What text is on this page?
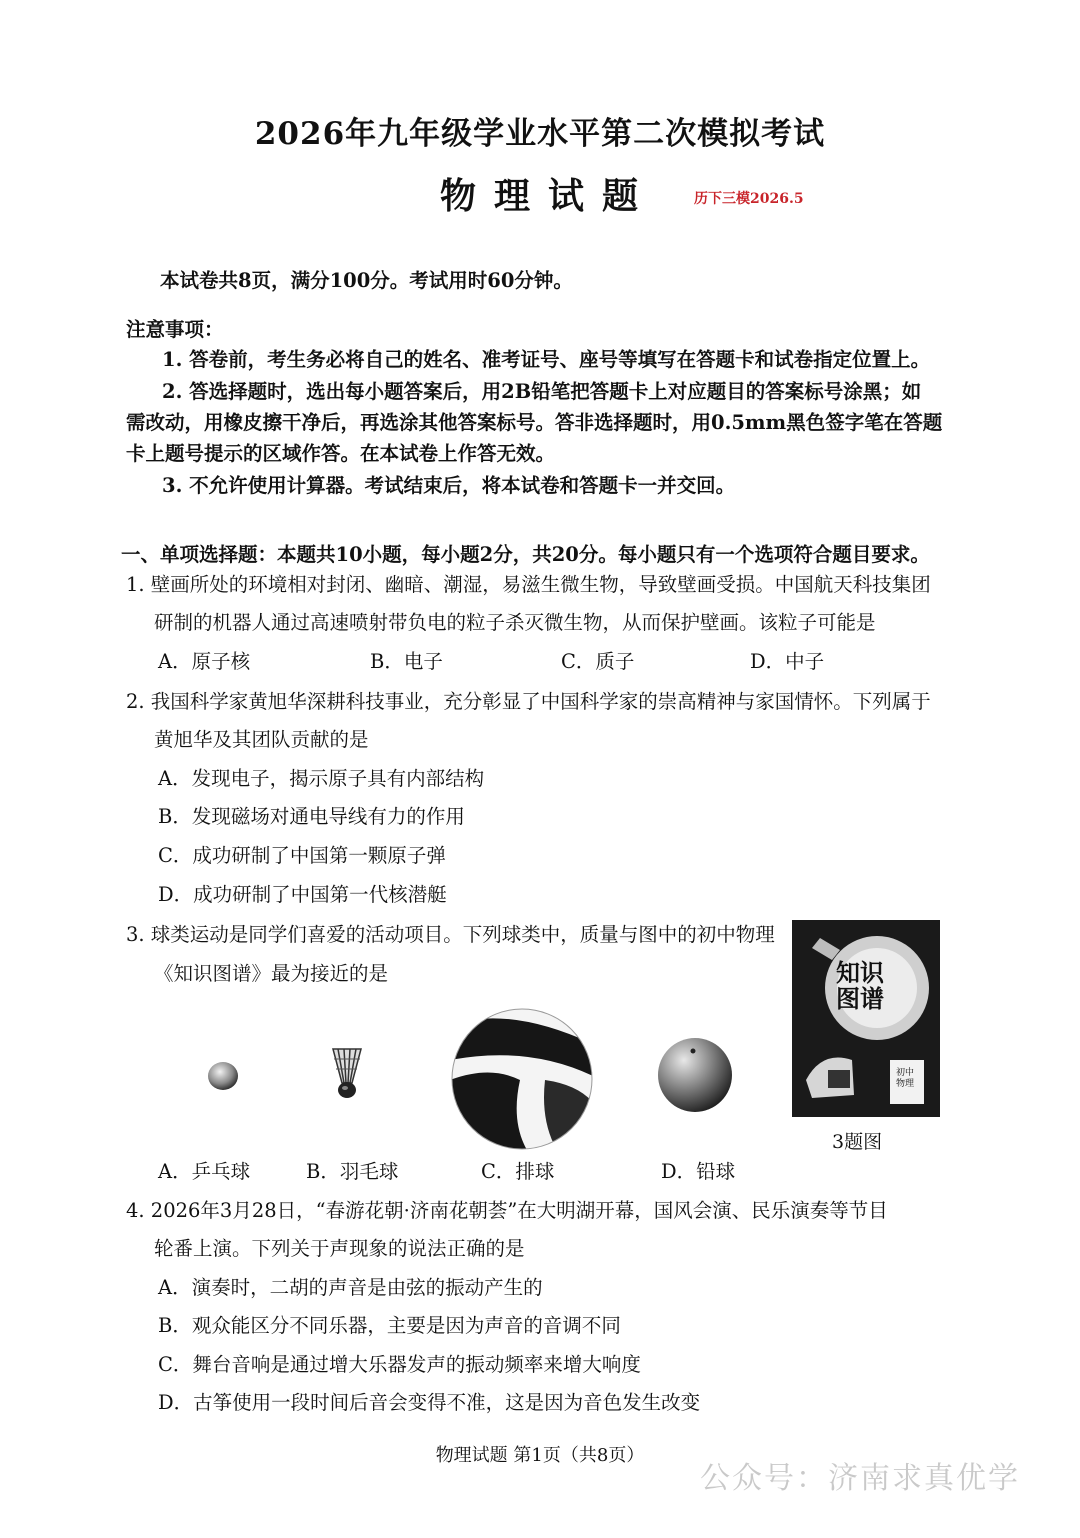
2026年九年级学业水平第二次模拟考试
物理试题	历下三模2026.5
本试卷共8页，满分100分。考试用时60分钟。
注意事项：
1. 答卷前，考生务必将自己的姓名、准考证号、座号等填写在答题卡和试卷指定位置上。
2. 答选择题时，选出每小题答案后，用2B铅笔把答题卡上对应题目的答案标号涂黑；如
需改动，用橡皮擦干净后，再选涂其他答案标号。答非选择题时，用0.5mm黑色签字笔在答题
卡上题号提示的区域作答。在本试卷上作答无效。
3. 不允许使用计算器。考试结束后，将本试卷和答题卡一并交回。
一、单项选择题：本题共10小题，每小题2分，共20分。每小题只有一个选项符合题目要求。
1. 壁画所处的环境相对封闭、幽暗、潮湿，易滋生微生物，导致壁画受损。中国航天科技集团
研制的机器人通过高速喷射带负电的粒子杀灭微生物，从而保护壁画。该粒子可能是
A．原子核	B．电子	C．质子	D．中子
2. 我国科学家黄旭华深耕科技事业，充分彰显了中国科学家的崇高精神与家国情怀。下列属于
黄旭华及其团队贡献的是
A．发现电子，揭示原子具有内部结构
B．发现磁场对通电导线有力的作用
C．成功研制了中国第一颗原子弹
D．成功研制了中国第一代核潜艇
3. 球类运动是同学们喜爱的活动项目。下列球类中，质量与图中的初中物理
《知识图谱》最为接近的是	知识
图谱
初中
物理
3题图
A．乒乓球	B．羽毛球	C．排球	D．铅球
4. 2026年3月28日，“春游花朝·济南花朝荟”在大明湖开幕，国风会演、民乐演奏等节目
轮番上演。下列关于声现象的说法正确的是
A．演奏时，二胡的声音是由弦的振动产生的
B．观众能区分不同乐器，主要是因为声音的音调不同
C．舞台音响是通过增大乐器发声的振动频率来增大响度
D．古筝使用一段时间后音会变得不准，这是因为音色发生改变
物理试题 第1页（共8页）
公众号：济南求真优学
